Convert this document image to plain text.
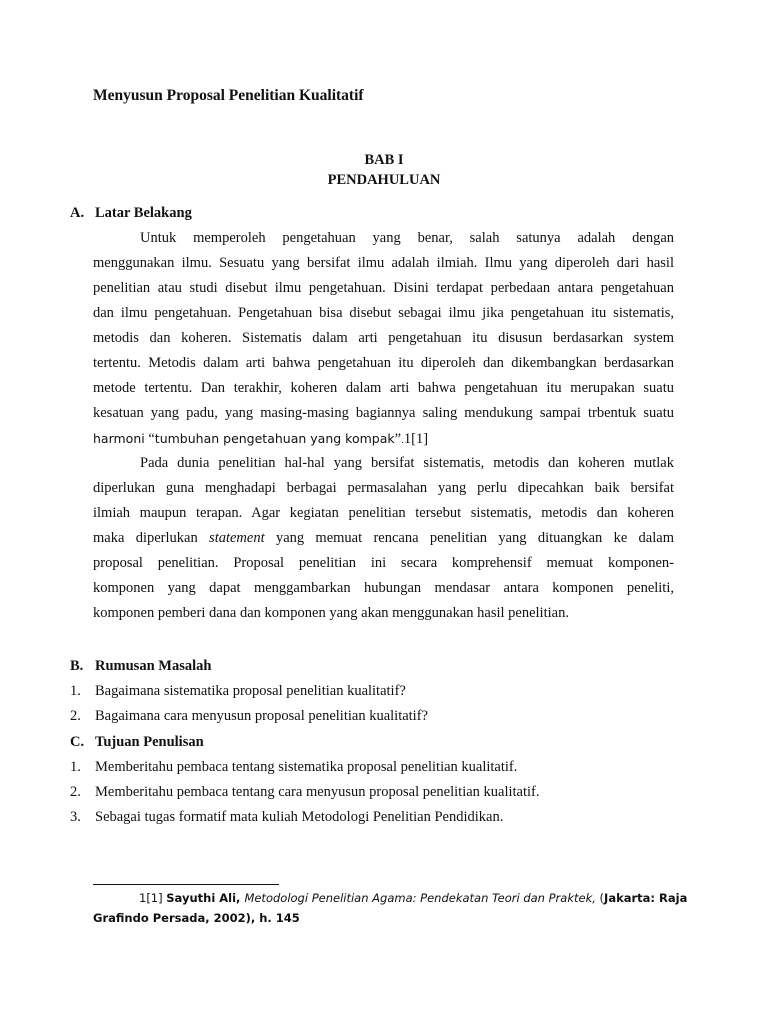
Menyusun Proposal Penelitian Kualitatif
BAB I
PENDAHULUAN
A. Latar Belakang
Untuk memperoleh pengetahuan yang benar, salah satunya adalah dengan
menggunakan ilmu. Sesuatu yang bersifat ilmu adalah ilmiah. Ilmu yang diperoleh dari hasil
penelitian atau studi disebut ilmu pengetahuan. Disini terdapat perbedaan antara pengetahuan
dan ilmu pengetahuan. Pengetahuan bisa disebut sebagai ilmu jika pengetahuan itu sistematis,
metodis dan koheren. Sistematis dalam arti pengetahuan itu disusun berdasarkan system
tertentu. Metodis dalam arti bahwa pengetahuan itu diperoleh dan dikembangkan berdasarkan
metode tertentu. Dan terakhir, koheren dalam arti bahwa pengetahuan itu merupakan suatu
kesatuan yang padu, yang masing-masing bagiannya saling mendukung sampai trbentuk suatu
harmoni “tumbuhan pengetahuan yang kompak”.1[1]
Pada dunia penelitian hal-hal yang bersifat sistematis, metodis dan koheren mutlak
diperlukan guna menghadapi berbagai permasalahan yang perlu dipecahkan baik bersifat
ilmiah maupun terapan. Agar kegiatan penelitian tersebut sistematis, metodis dan koheren
maka diperlukan statement yang memuat rencana penelitian yang dituangkan ke dalam
proposal penelitian. Proposal penelitian ini secara komprehensif memuat komponen-
komponen yang dapat menggambarkan hubungan mendasar antara komponen peneliti,
komponen pemberi dana dan komponen yang akan menggunakan hasil penelitian.
B. Rumusan Masalah
1. Bagaimana sistematika proposal penelitian kualitatif?
2. Bagaimana cara menyusun proposal penelitian kualitatif?
C. Tujuan Penulisan
1. Memberitahu pembaca tentang sistematika proposal penelitian kualitatif.
2. Memberitahu pembaca tentang cara menyusun proposal penelitian kualitatif.
3. Sebagai tugas formatif mata kuliah Metodologi Penelitian Pendidikan.
1[1] Sayuthi Ali, Metodologi Penelitian Agama: Pendekatan Teori dan Praktek, (Jakarta: Raja
Grafindo Persada, 2002), h. 145
